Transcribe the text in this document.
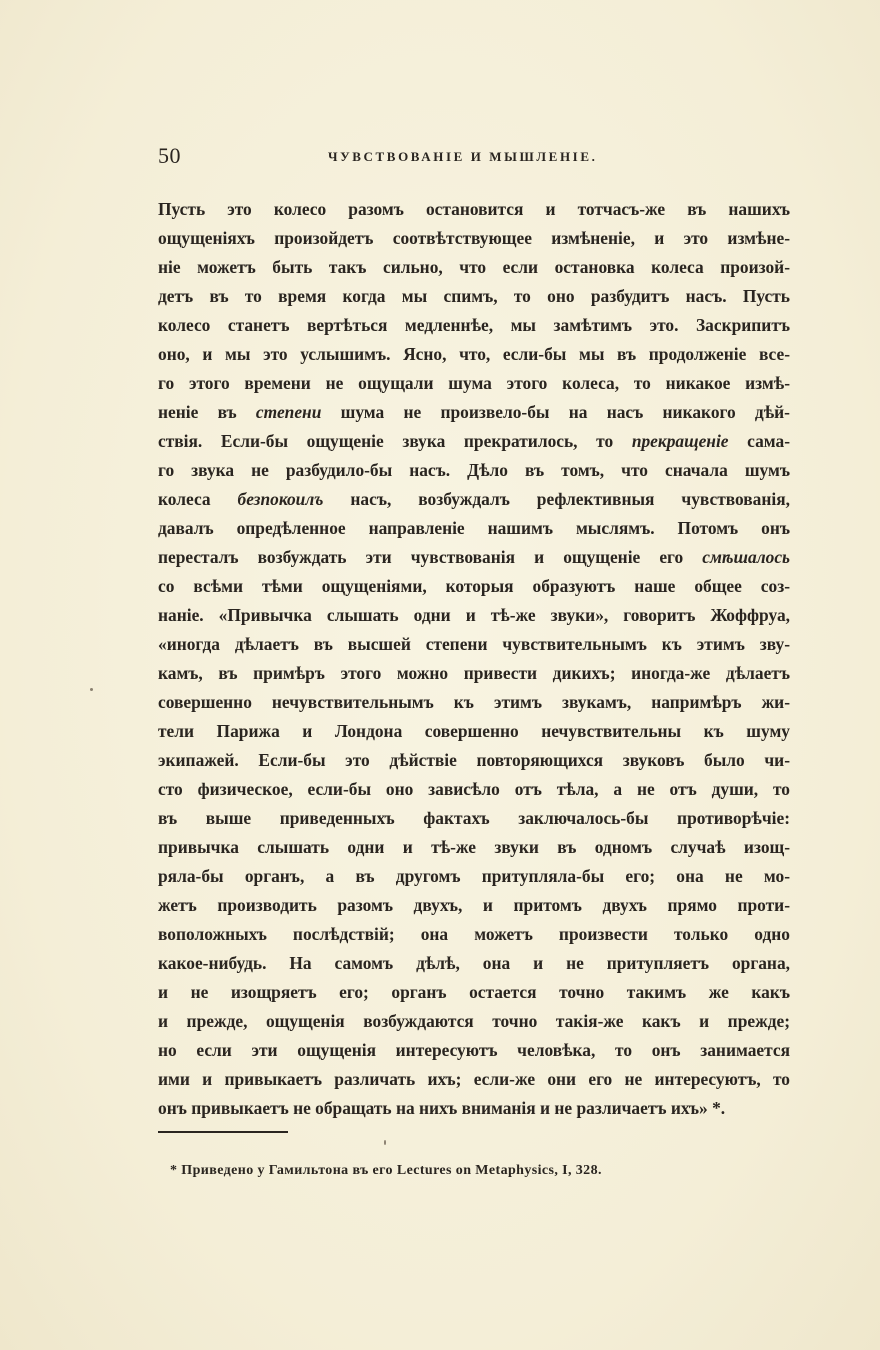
50	ЧУВСТВОВАНІЕ И МЫШЛЕНІЕ.
Пусть это колесо разомъ остановится и тотчасъ-же въ нашихъ
ощущеніяхъ произойдетъ соотвѣтствующее измѣненіе, и это измѣне-
ніе можетъ быть такъ сильно, что если остановка колеса произой-
детъ въ то время когда мы спимъ, то оно разбудитъ насъ. Пусть
колесо станетъ вертѣться медленнѣе, мы замѣтимъ это. Заскрипитъ
оно, и мы это услышимъ. Ясно, что, если-бы мы въ продолженіе все-
го этого времени не ощущали шума этого колеса, то никакое измѣ-
неніе въ степени шума не произвело-бы на насъ никакого дѣй-
ствія. Если-бы ощущеніе звука прекратилось, то прекращеніе сама-
го звука не разбудило-бы насъ. Дѣло въ томъ, что сначала шумъ
колеса безпокоилъ насъ, возбуждалъ рефлективныя чувствованія,
давалъ опредѣленное направленіе нашимъ мыслямъ. Потомъ онъ
пересталъ возбуждать эти чувствованія и ощущеніе его смѣшалось
со всѣми тѣми ощущеніями, которыя образуютъ наше общее соз-
наніе. «Привычка слышать одни и тѣ-же звуки», говоритъ Жоффруа,
«иногда дѣлаетъ въ высшей степени чувствительнымъ къ этимъ зву-
камъ, въ примѣръ этого можно привести дикихъ; иногда-же дѣлаетъ
совершенно нечувствительнымъ къ этимъ звукамъ, напримѣръ жи-
тели Парижа и Лондона совершенно нечувствительны къ шуму
экипажей. Если-бы это дѣйствіе повторяющихся звуковъ было чи-
сто физическое, если-бы оно зависѣло отъ тѣла, а не отъ души, то
въ выше приведенныхъ фактахъ заключалось-бы противорѣчіе:
привычка слышать одни и тѣ-же звуки въ одномъ случаѣ изощ-
ряла-бы органъ, а въ другомъ притупляла-бы его; она не мо-
жетъ производить разомъ двухъ, и притомъ двухъ прямо проти-
воположныхъ послѣдствій; она можетъ произвести только одно
какое-нибудь. На самомъ дѣлѣ, она и не притупляетъ органа,
и не изощряетъ его; органъ остается точно такимъ же какъ
и прежде, ощущенія возбуждаются точно такія-же какъ и прежде;
но если эти ощущенія интересуютъ человѣка, то онъ занимается
ими и привыкаетъ различать ихъ; если-же они его не интересуютъ, то
онъ привыкаетъ не обращать на нихъ вниманія и не различаетъ ихъ» *.
* Приведено у Гамильтона въ его Lectures on Metaphysics, I, 328.
